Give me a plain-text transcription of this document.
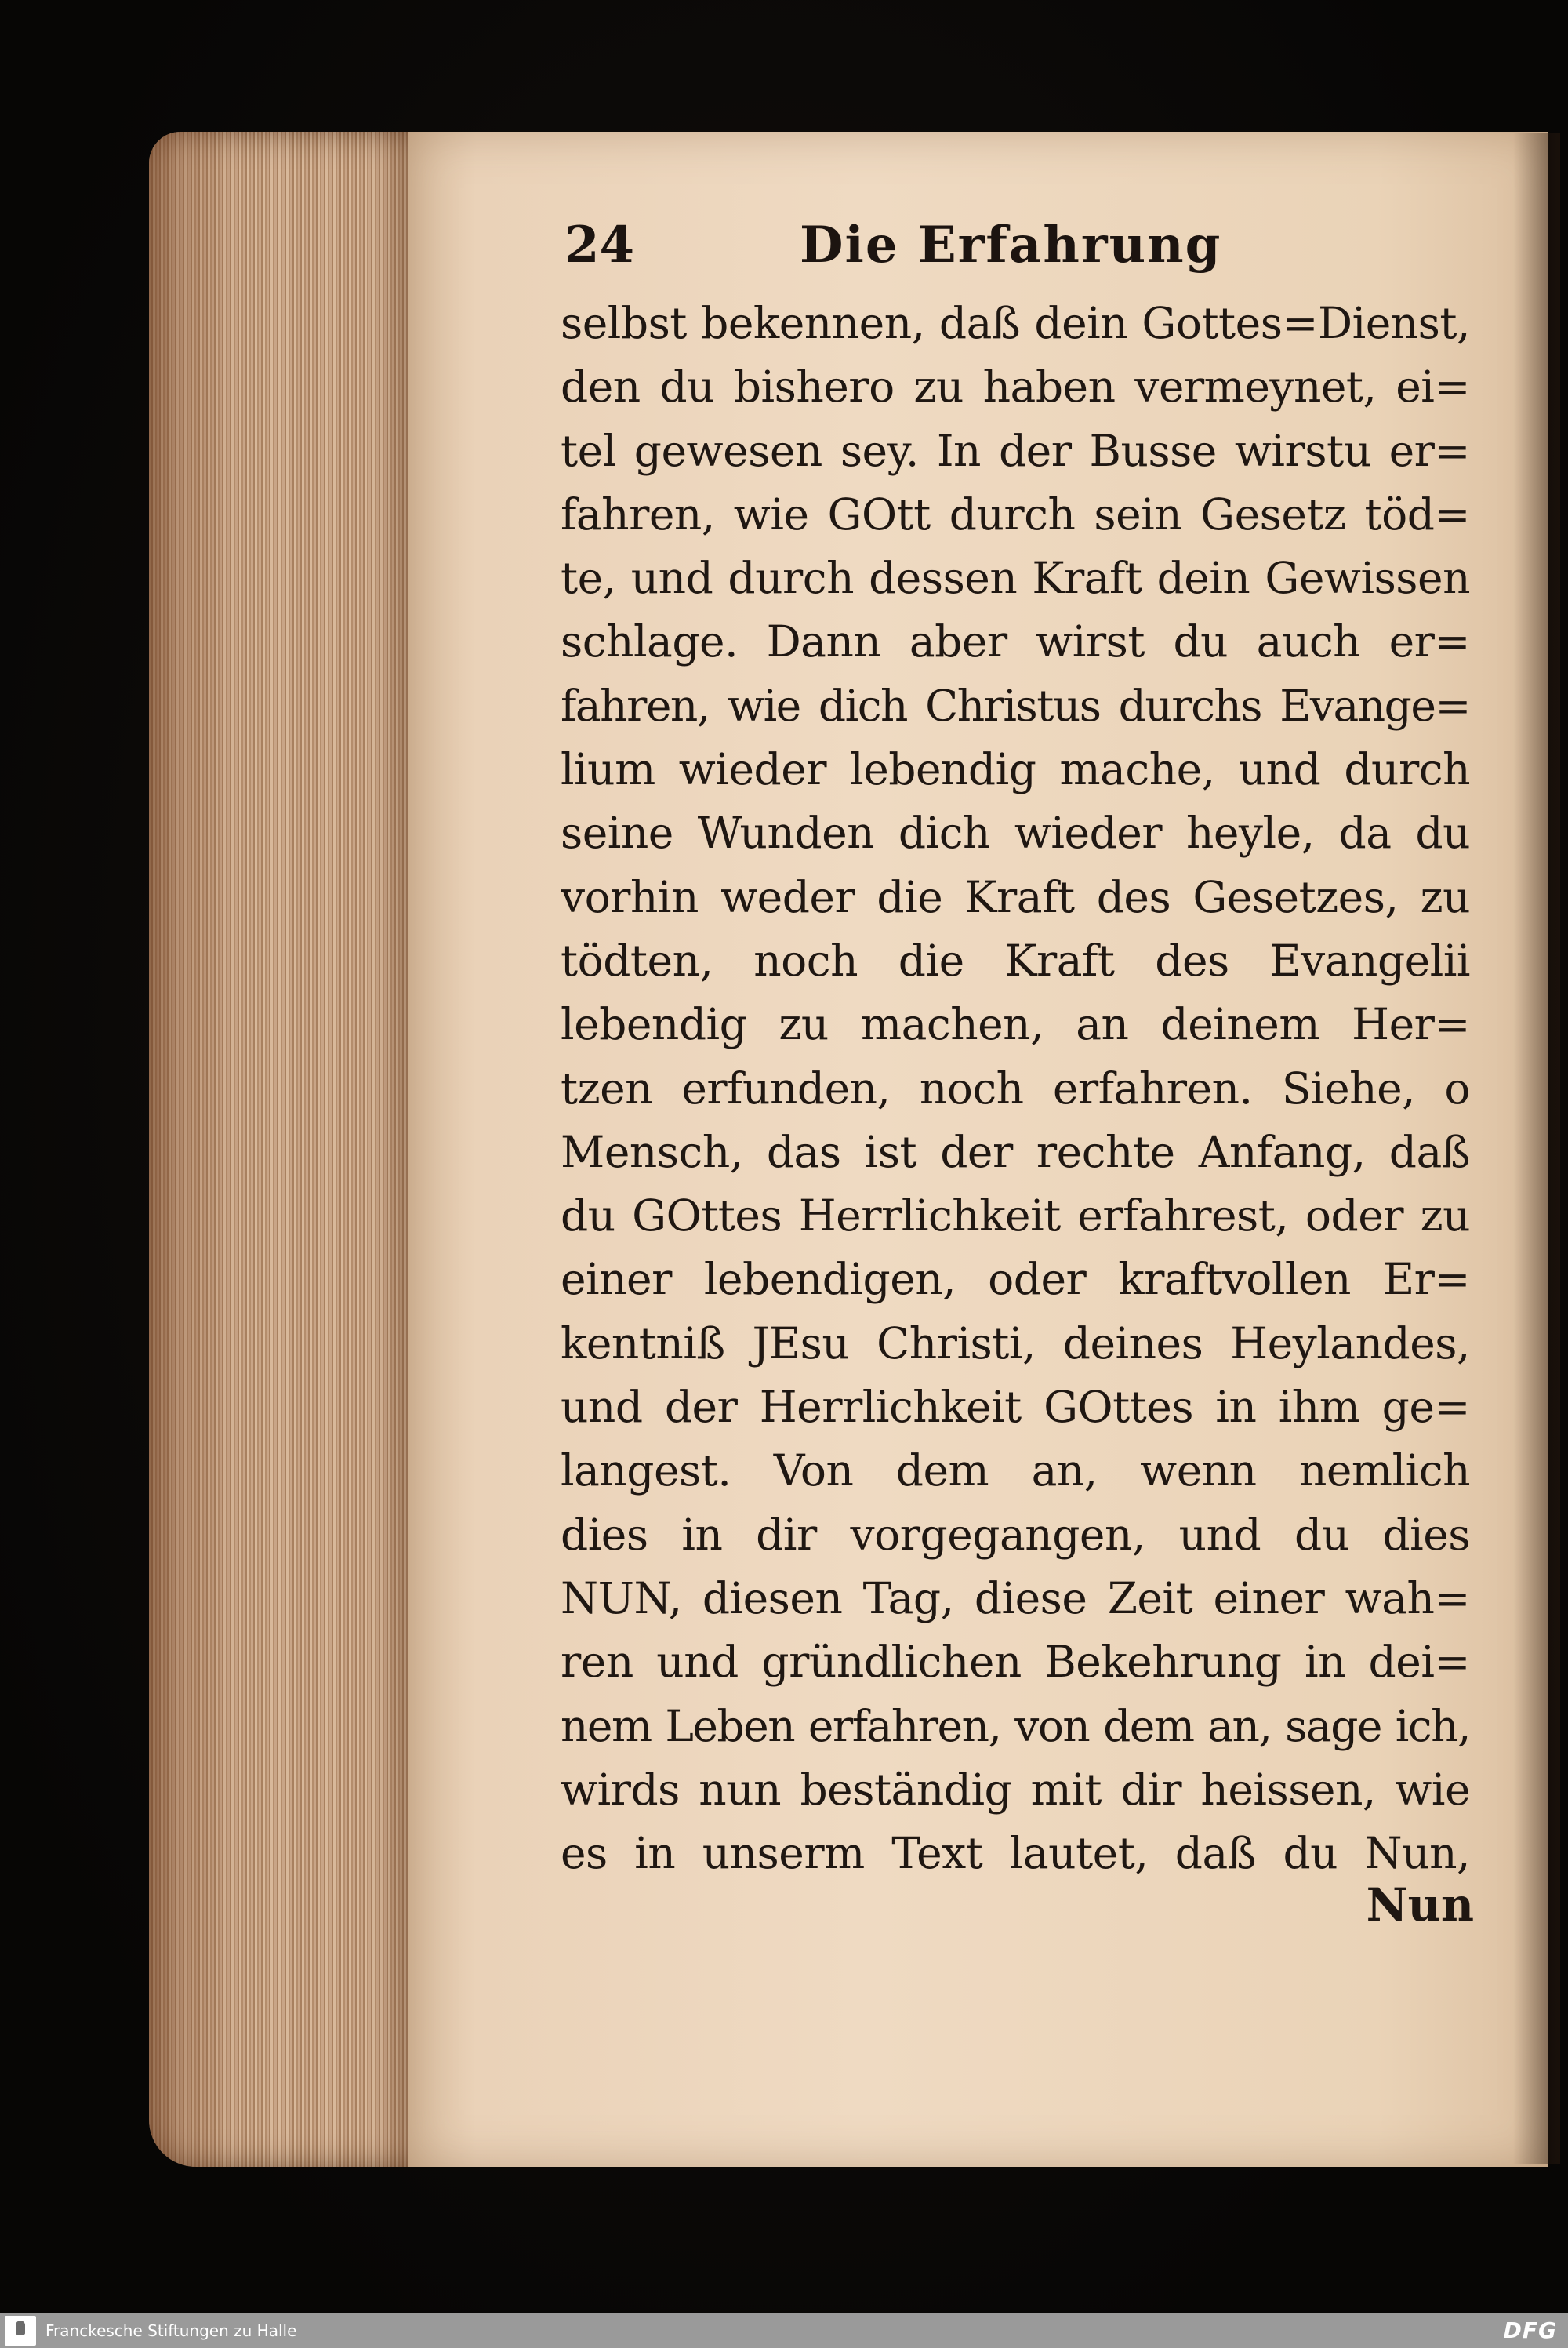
24	Die Erfahrung
selbst bekennen, daß dein Gottes=Dienst,
den du bishero zu haben vermeynet, ei=
tel gewesen sey. In der Busse wirstu er=
fahren, wie GOtt durch sein Gesetz töd=
te, und durch dessen Kraft dein Gewissen
schlage. Dann aber wirst du auch er=
fahren, wie dich Christus durchs Evange=
lium wieder lebendig mache, und durch
seine Wunden dich wieder heyle, da du
vorhin weder die Kraft des Gesetzes, zu
tödten, noch die Kraft des Evangelii
lebendig zu machen, an deinem Her=
tzen erfunden, noch erfahren. Siehe, o
Mensch, das ist der rechte Anfang, daß
du GOttes Herrlichkeit erfahrest, oder zu
einer lebendigen, oder kraftvollen Er=
kentniß JEsu Christi, deines Heylandes,
und der Herrlichkeit GOttes in ihm ge=
langest. Von dem an, wenn nemlich
dies in dir vorgegangen, und du dies
NUN, diesen Tag, diese Zeit einer wah=
ren und gründlichen Bekehrung in dei=
nem Leben erfahren, von dem an, sage ich,
wirds nun beständig mit dir heissen, wie
es in unserm Text lautet, daß du Nun,
Nun
Franckesche Stiftungen zu Halle	DFG
